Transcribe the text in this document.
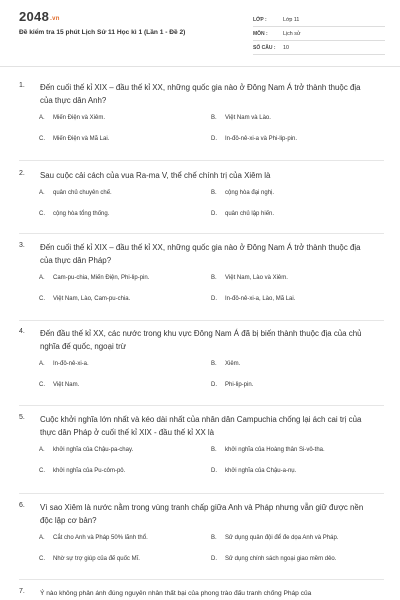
2048.vn
Đề kiểm tra 15 phút Lịch Sử 11 Học kì 1 (Lần 1 - Đề 2)
LỚP :	Lớp 11
MÔN :	Lịch sử
SỐ CÂU :	10
1.	Đến cuối thế kỉ XIX – đầu thế kỉ XX, những quốc gia nào ở Đông Nam Á trở thành thuộc địa của thực dân Anh?
A. Miến Điện và Xiêm.	B. Việt Nam và Lào.
C. Miến Điện và Mã Lai.	D. In-đô-nê-xi-a và Phi-lip-pin.
2.	Sau cuộc cải cách của vua Ra-ma V, thể chế chính trị của Xiêm là
A. quân chủ chuyên chế.	B. cộng hòa đại nghị.
C. cộng hòa tổng thống.	D. quân chủ lập hiến.
3.	Đến cuối thế kỉ XIX – đầu thế kỉ XX, những quốc gia nào ở Đông Nam Á trở thành thuộc địa của thực dân Pháp?
A. Cam-pu-chia, Miến Điện, Phi-lip-pin.	B. Việt Nam, Lào và Xiêm.
C. Việt Nam, Lào, Cam-pu-chia.	D. In-đô-nê-xi-a, Lào, Mã Lai.
4.	Đến đầu thế kỉ XX, các nước trong khu vực Đông Nam Á đã bị biến thành thuộc địa của chủ nghĩa đế quốc, ngoại trừ
A. In-đô-nê-xi-a.	B. Xiêm.
C. Việt Nam.	D. Phi-lip-pin.
5.	Cuộc khởi nghĩa lớn nhất và kéo dài nhất của nhân dân Campuchia chống lại ách cai trị của thực dân Pháp ở cuối thế kỉ XIX - đầu thế kỉ XX là
A. khởi nghĩa của Chậu-pa-chay.	B. khởi nghĩa của Hoàng thân Si-vô-tha.
C. khởi nghĩa của Pu-côm-pô.	D. khởi nghĩa của Chậu-a-nụ.
6.	Vì sao Xiêm là nước nằm trong vùng tranh chấp giữa Anh và Pháp nhưng vẫn giữ được nền độc lập cơ bản?
A. Cắt cho Anh và Pháp 50% lãnh thổ.	B. Sử dụng quân đội để đe dọa Anh và Pháp.
C. Nhờ sự trợ giúp của đế quốc Mĩ.	D. Sử dụng chính sách ngoại giao mềm dẻo.
7.	Ý nào không phản ánh đúng nguyên nhân thất bại của phong trào đấu tranh chống Pháp của
